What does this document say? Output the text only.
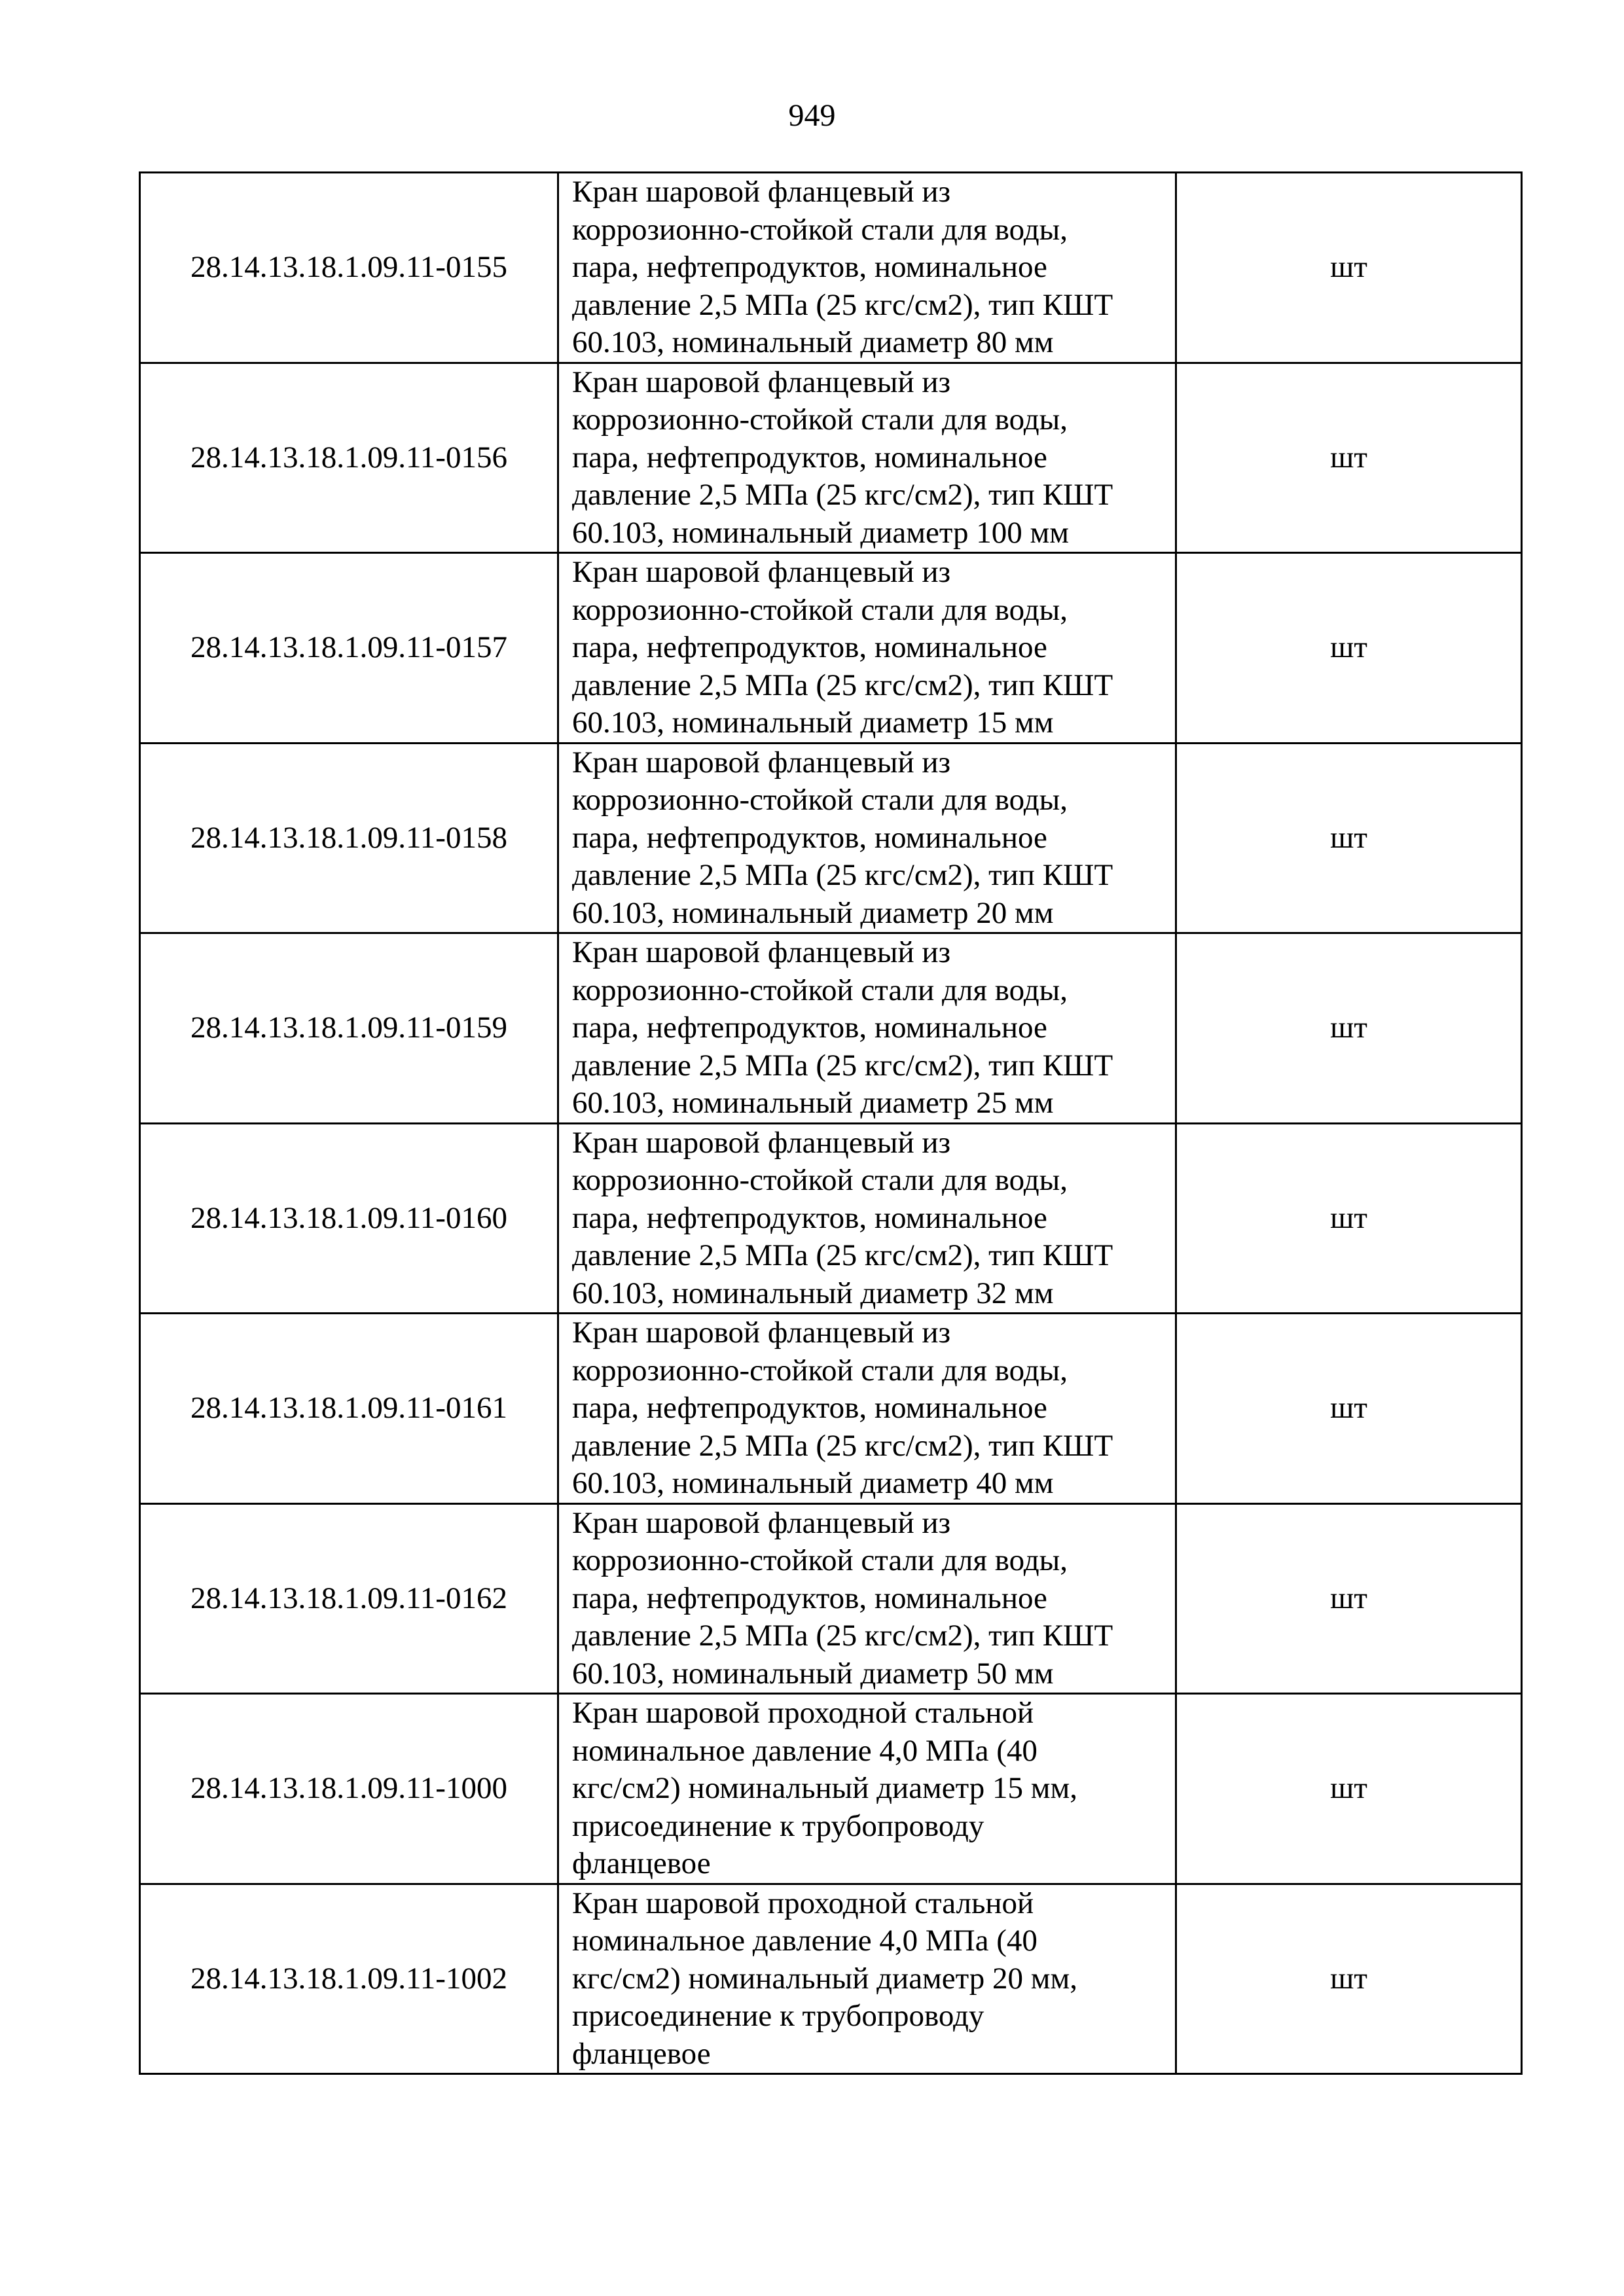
949
28.14.13.18.1.09.11-0155	Кран шаровой фланцевый из
коррозионно-стойкой стали для воды,
пара, нефтепродуктов, номинальное
давление 2,5 МПа (25 кгс/см2), тип КШТ
60.103, номинальный диаметр 80 мм	шт
28.14.13.18.1.09.11-0156	Кран шаровой фланцевый из
коррозионно-стойкой стали для воды,
пара, нефтепродуктов, номинальное
давление 2,5 МПа (25 кгс/см2), тип КШТ
60.103, номинальный диаметр 100 мм	шт
28.14.13.18.1.09.11-0157	Кран шаровой фланцевый из
коррозионно-стойкой стали для воды,
пара, нефтепродуктов, номинальное
давление 2,5 МПа (25 кгс/см2), тип КШТ
60.103, номинальный диаметр 15 мм	шт
28.14.13.18.1.09.11-0158	Кран шаровой фланцевый из
коррозионно-стойкой стали для воды,
пара, нефтепродуктов, номинальное
давление 2,5 МПа (25 кгс/см2), тип КШТ
60.103, номинальный диаметр 20 мм	шт
28.14.13.18.1.09.11-0159	Кран шаровой фланцевый из
коррозионно-стойкой стали для воды,
пара, нефтепродуктов, номинальное
давление 2,5 МПа (25 кгс/см2), тип КШТ
60.103, номинальный диаметр 25 мм	шт
28.14.13.18.1.09.11-0160	Кран шаровой фланцевый из
коррозионно-стойкой стали для воды,
пара, нефтепродуктов, номинальное
давление 2,5 МПа (25 кгс/см2), тип КШТ
60.103, номинальный диаметр 32 мм	шт
28.14.13.18.1.09.11-0161	Кран шаровой фланцевый из
коррозионно-стойкой стали для воды,
пара, нефтепродуктов, номинальное
давление 2,5 МПа (25 кгс/см2), тип КШТ
60.103, номинальный диаметр 40 мм	шт
28.14.13.18.1.09.11-0162	Кран шаровой фланцевый из
коррозионно-стойкой стали для воды,
пара, нефтепродуктов, номинальное
давление 2,5 МПа (25 кгс/см2), тип КШТ
60.103, номинальный диаметр 50 мм	шт
28.14.13.18.1.09.11-1000	Кран шаровой проходной стальной
номинальное давление 4,0 МПа (40
кгс/см2) номинальный диаметр 15 мм,
присоединение к трубопроводу
фланцевое	шт
28.14.13.18.1.09.11-1002	Кран шаровой проходной стальной
номинальное давление 4,0 МПа (40
кгс/см2) номинальный диаметр 20 мм,
присоединение к трубопроводу
фланцевое	шт
